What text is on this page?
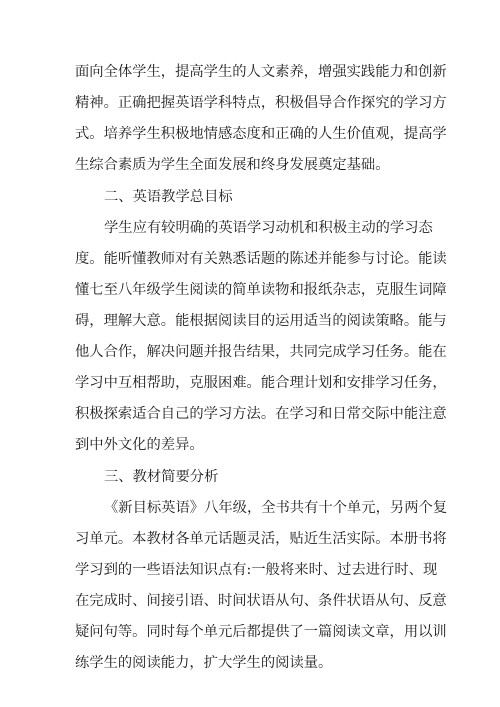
面向全体学生，提高学生的人文素养，增强实践能力和创新
精神。正确把握英语学科特点，积极倡导合作探究的学习方
式。培养学生积极地情感态度和正确的人生价值观，提高学
生综合素质为学生全面发展和终身发展奠定基础。
二、英语教学总目标
学生应有较明确的英语学习动机和积极主动的学习态
度。能听懂教师对有关熟悉话题的陈述并能参与讨论。能读
懂七至八年级学生阅读的简单读物和报纸杂志，克服生词障
碍，理解大意。能根据阅读目的运用适当的阅读策略。能与
他人合作，解决问题并报告结果，共同完成学习任务。能在
学习中互相帮助，克服困难。能合理计划和安排学习任务，
积极探索适合自己的学习方法。在学习和日常交际中能注意
到中外文化的差异。
三、教材简要分析
《新目标英语》八年级，全书共有十个单元，另两个复
习单元。本教材各单元话题灵活，贴近生活实际。本册书将
学习到的一些语法知识点有:一般将来时、过去进行时、现
在完成时、间接引语、时间状语从句、条件状语从句、反意
疑问句等。同时每个单元后都提供了一篇阅读文章，用以训
练学生的阅读能力，扩大学生的阅读量。
